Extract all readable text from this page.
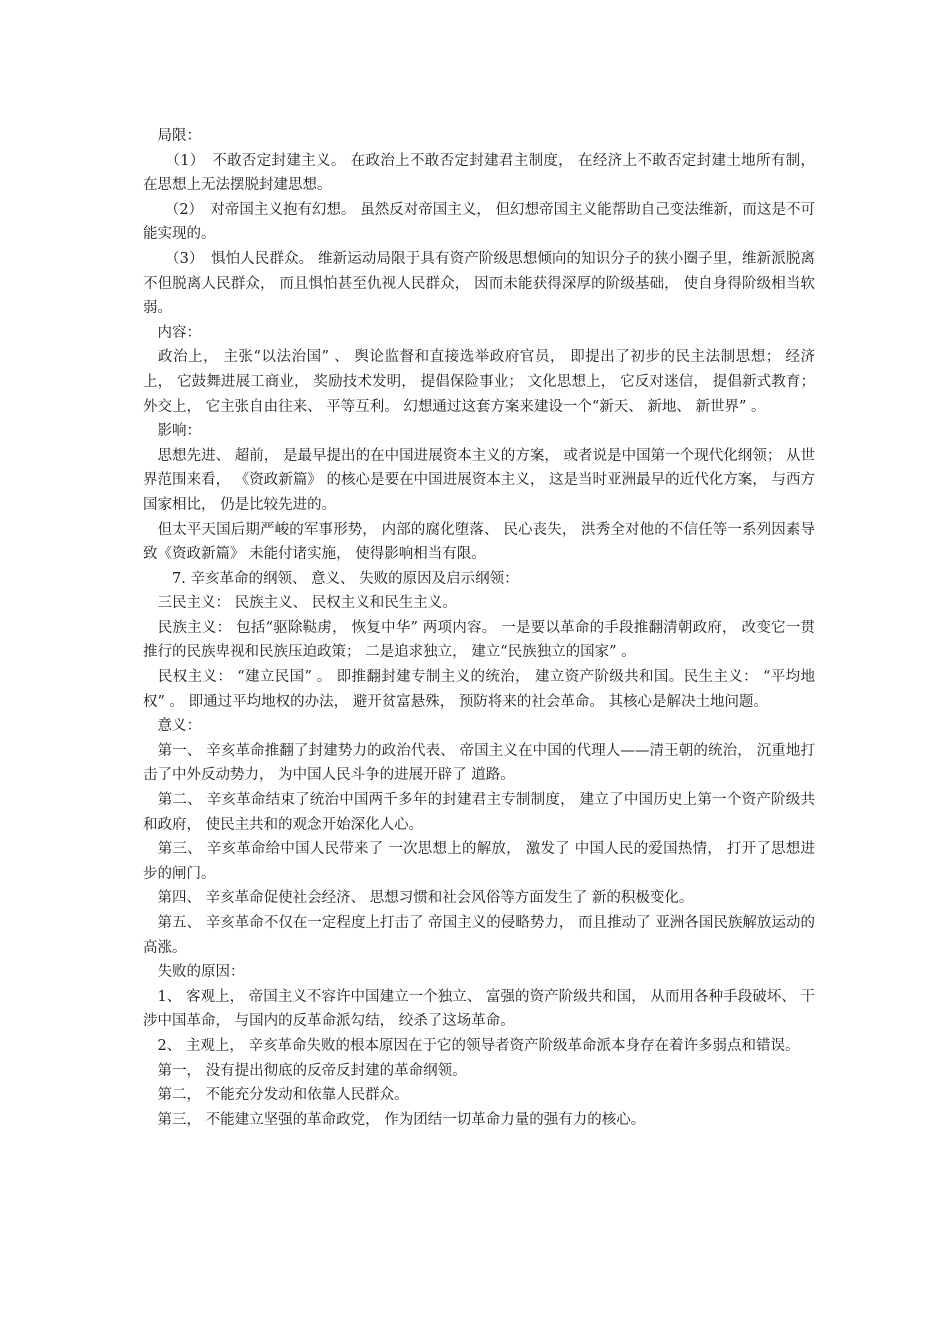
　局限：

　　（1）　不敢否定封建主义。 在政治上不敢否定封建君主制度， 在经济上不敢否定封建土地所有制， 在思想上无法摆脱封建思想。

　　（2）　对帝国主义抱有幻想。 虽然反对帝国主义， 但幻想帝国主义能帮助自己变法维新，而这是不可能实现的。

　　（3）　惧怕人民群众。 维新运动局限于具有资产阶级思想倾向的知识分子的狭小圈子里，维新派脱离不但脱离人民群众， 而且惧怕甚至仇视人民群众， 因而未能获得深厚的阶级基础， 使自身得阶级相当软弱。

　内容：

　政治上， 主张“以法治国” 、 舆论监督和直接选举政府官员， 即提出了初步的民主法制思想； 经济上， 它鼓舞进展工商业， 奖励技术发明， 提倡保险事业； 文化思想上， 它反对迷信， 提倡新式教育； 外交上， 它主张自由往来、 平等互利。 幻想通过这套方案来建设一个“新天、 新地、 新世界” 。

　影响：

　思想先进、 超前， 是最早提出的在中国进展资本主义的方案， 或者说是中国第一个现代化纲领； 从世界范围来看， 《资政新篇》 的核心是要在中国进展资本主义， 这是当时亚洲最早的近代化方案， 与西方国家相比， 仍是比较先进的。

　但太平天国后期严峻的军事形势， 内部的腐化堕落、 民心丧失， 洪秀全对他的不信任等一系列因素导致《资政新篇》 未能付诸实施， 使得影响相当有限。

　　7. 辛亥革命的纲领、 意义、 失败的原因及启示纲领：

　三民主义： 民族主义、 民权主义和民生主义。

　民族主义： 包括“驱除鞑虏， 恢复中华” 两项内容。 一是要以革命的手段推翻清朝政府， 改变它一贯推行的民族卑视和民族压迫政策； 二是追求独立， 建立“民族独立的国家” 。

　民权主义： “建立民国” 。 即推翻封建专制主义的统治， 建立资产阶级共和国。民生主义： “平均地权” 。 即通过平均地权的办法， 避开贫富悬殊， 预防将来的社会革命。 其核心是解决土地问题。

　意义：

　第一、 辛亥革命推翻了封建势力的政治代表、 帝国主义在中国的代理人——清王朝的统治， 沉重地打击了中外反动势力， 为中国人民斗争的进展开辟了 道路。

　第二、 辛亥革命结束了统治中国两千多年的封建君主专制制度， 建立了中国历史上第一个资产阶级共和政府， 使民主共和的观念开始深化人心。

　第三、 辛亥革命给中国人民带来了 一次思想上的解放， 激发了 中国人民的爱国热情， 打开了思想进步的闸门。

　第四、 辛亥革命促使社会经济、 思想习惯和社会风俗等方面发生了 新的积极变化。

　第五、 辛亥革命不仅在一定程度上打击了 帝国主义的侵略势力， 而且推动了 亚洲各国民族解放运动的高涨。

　失败的原因：

　1、 客观上， 帝国主义不容许中国建立一个独立、 富强的资产阶级共和国， 从而用各种手段破坏、 干涉中国革命， 与国内的反革命派勾结， 绞杀了这场革命。

　2、 主观上， 辛亥革命失败的根本原因在于它的领导者资产阶级革命派本身存在着许多弱点和错误。

　第一， 没有提出彻底的反帝反封建的革命纲领。

　第二， 不能充分发动和依靠人民群众。

　第三， 不能建立坚强的革命政党， 作为团结一切革命力量的强有力的核心。
